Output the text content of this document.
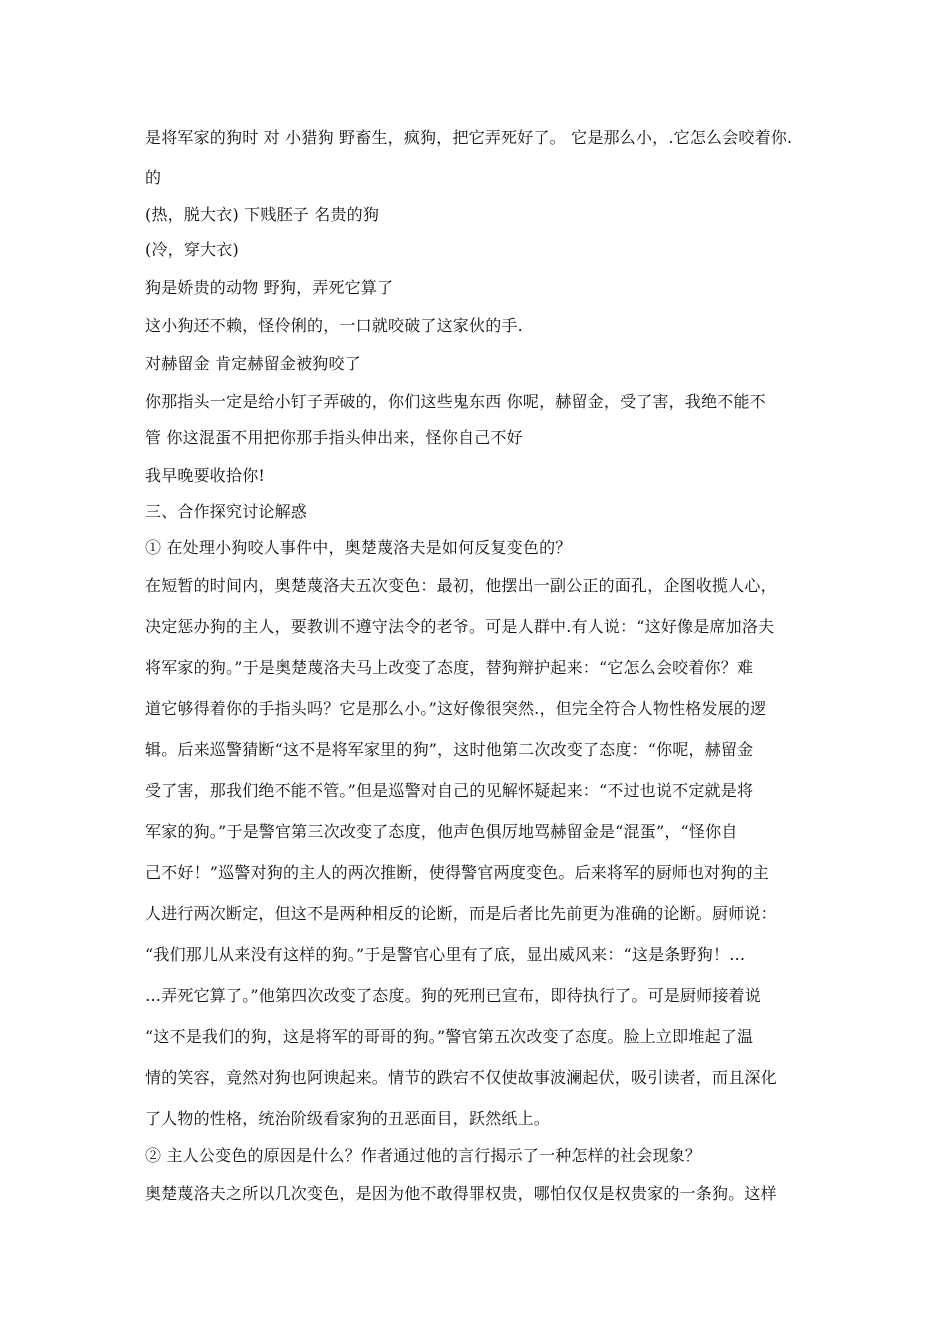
是将军家的狗时 对 小猎狗 野畜生，疯狗，把它弄死好了。 它是那么小，.它怎么会咬着你.
的
(热，脱大衣) 下贱胚子 名贵的狗
(冷，穿大衣)
狗是娇贵的动物 野狗，弄死它算了
这小狗还不赖，怪伶俐的，一口就咬破了这家伙的手.
对赫留金 肯定赫留金被狗咬了
你那指头一定是给小钉子弄破的，你们这些鬼东西 你呢，赫留金，受了害，我绝不能不
管 你这混蛋不用把你那手指头伸出来，怪你自己不好
我早晚要收拾你!
三、合作探究讨论解惑
① 在处理小狗咬人事件中，奥楚蔑洛夫是如何反复变色的？
在短暂的时间内，奥楚蔑洛夫五次变色：最初，他摆出一副公正的面孔，企图收揽人心，
决定惩办狗的主人，要教训不遵守法令的老爷。可是人群中.有人说：“这好像是席加洛夫
将军家的狗。”于是奥楚蔑洛夫马上改变了态度，替狗辩护起来：“它怎么会咬着你？难
道它够得着你的手指头吗？它是那么小。”这好像很突然.，但完全符合人物性格发展的逻
辑。后来巡警猜断“这不是将军家里的狗”，这时他第二次改变了态度：“你呢，赫留金
受了害，那我们绝不能不管。”但是巡警对自己的见解怀疑起来：“不过也说不定就是将
军家的狗。”于是警官第三次改变了态度，他声色俱厉地骂赫留金是“混蛋”，“怪你自
己不好！”巡警对狗的主人的两次推断，使得警官两度变色。后来将军的厨师也对狗的主
人进行两次断定，但这不是两种相反的论断，而是后者比先前更为准确的论断。厨师说：
“我们那儿从来没有这样的狗。”于是警官心里有了底，显出威风来：“这是条野狗！…
…弄死它算了。”他第四次改变了态度。狗的死刑已宣布，即待执行了。可是厨师接着说
“这不是我们的狗，这是将军的哥哥的狗。”警官第五次改变了态度。脸上立即堆起了温
情的笑容，竟然对狗也阿谀起来。情节的跌宕不仅使故事波澜起伏，吸引读者，而且深化
了人物的性格，统治阶级看家狗的丑恶面目，跃然纸上。
② 主人公变色的原因是什么？作者通过他的言行揭示了一种怎样的社会现象？
奥楚蔑洛夫之所以几次变色，是因为他不敢得罪权贵，哪怕仅仅是权贵家的一条狗。这样
